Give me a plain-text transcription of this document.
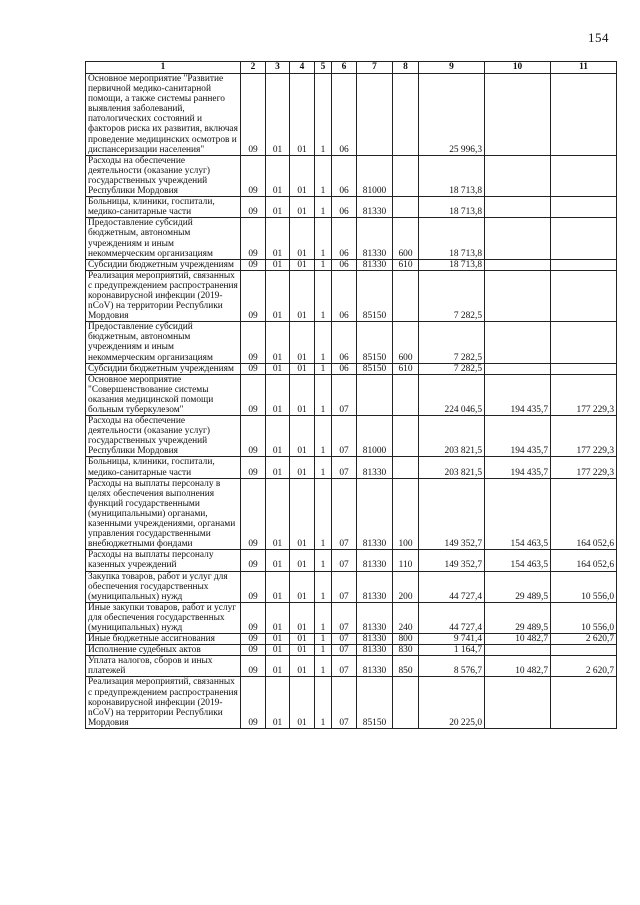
154
1	2	3	4	5	6	7	8	9	10	11
Основное мероприятие "Развитие первичной медико-санитарной помощи, а также системы раннего выявления заболеваний, патологических состояний и факторов риска их развития, включая проведение медицинских осмотров и диспансеризации населения"	09	01	01	1	06			25 996,3		
Расходы на обеспечение деятельности (оказание услуг) государственных учреждений Республики Мордовия	09	01	01	1	06	81000		18 713,8		
Больницы, клиники, госпитали, медико-санитарные части	09	01	01	1	06	81330		18 713,8		
Предоставление субсидий бюджетным, автономным учреждениям и иным некоммерческим организациям	09	01	01	1	06	81330	600	18 713,8		
Субсидии бюджетным учреждениям	09	01	01	1	06	81330	610	18 713,8		
Реализация мероприятий, связанных с предупреждением распространения коронавирусной инфекции (2019-nCoV) на территории Республики Мордовия	09	01	01	1	06	85150		7 282,5		
Предоставление субсидий бюджетным, автономным учреждениям и иным некоммерческим организациям	09	01	01	1	06	85150	600	7 282,5		
Субсидии бюджетным учреждениям	09	01	01	1	06	85150	610	7 282,5		
Основное мероприятие "Совершенствование системы оказания медицинской помощи больным туберкулезом"	09	01	01	1	07			224 046,5	194 435,7	177 229,3
Расходы на обеспечение деятельности (оказание услуг) государственных учреждений Республики Мордовия	09	01	01	1	07	81000		203 821,5	194 435,7	177 229,3
Больницы, клиники, госпитали, медико-санитарные части	09	01	01	1	07	81330		203 821,5	194 435,7	177 229,3
Расходы на выплаты персоналу в целях обеспечения выполнения функций государственными (муниципальными) органами, казенными учреждениями, органами управления государственными внебюджетными фондами	09	01	01	1	07	81330	100	149 352,7	154 463,5	164 052,6
Расходы на выплаты персоналу казенных учреждений	09	01	01	1	07	81330	110	149 352,7	154 463,5	164 052,6
Закупка товаров, работ и услуг для обеспечения государственных (муниципальных) нужд	09	01	01	1	07	81330	200	44 727,4	29 489,5	10 556,0
Иные закупки товаров, работ и услуг для обеспечения государственных (муниципальных) нужд	09	01	01	1	07	81330	240	44 727,4	29 489,5	10 556,0
Иные бюджетные ассигнования	09	01	01	1	07	81330	800	9 741,4	10 482,7	2 620,7
Исполнение судебных актов	09	01	01	1	07	81330	830	1 164,7		
Уплата налогов, сборов и иных платежей	09	01	01	1	07	81330	850	8 576,7	10 482,7	2 620,7
Реализация мероприятий, связанных с предупреждением распространения коронавирусной инфекции (2019-nCoV) на территории Республики Мордовия	09	01	01	1	07	85150		20 225,0		
